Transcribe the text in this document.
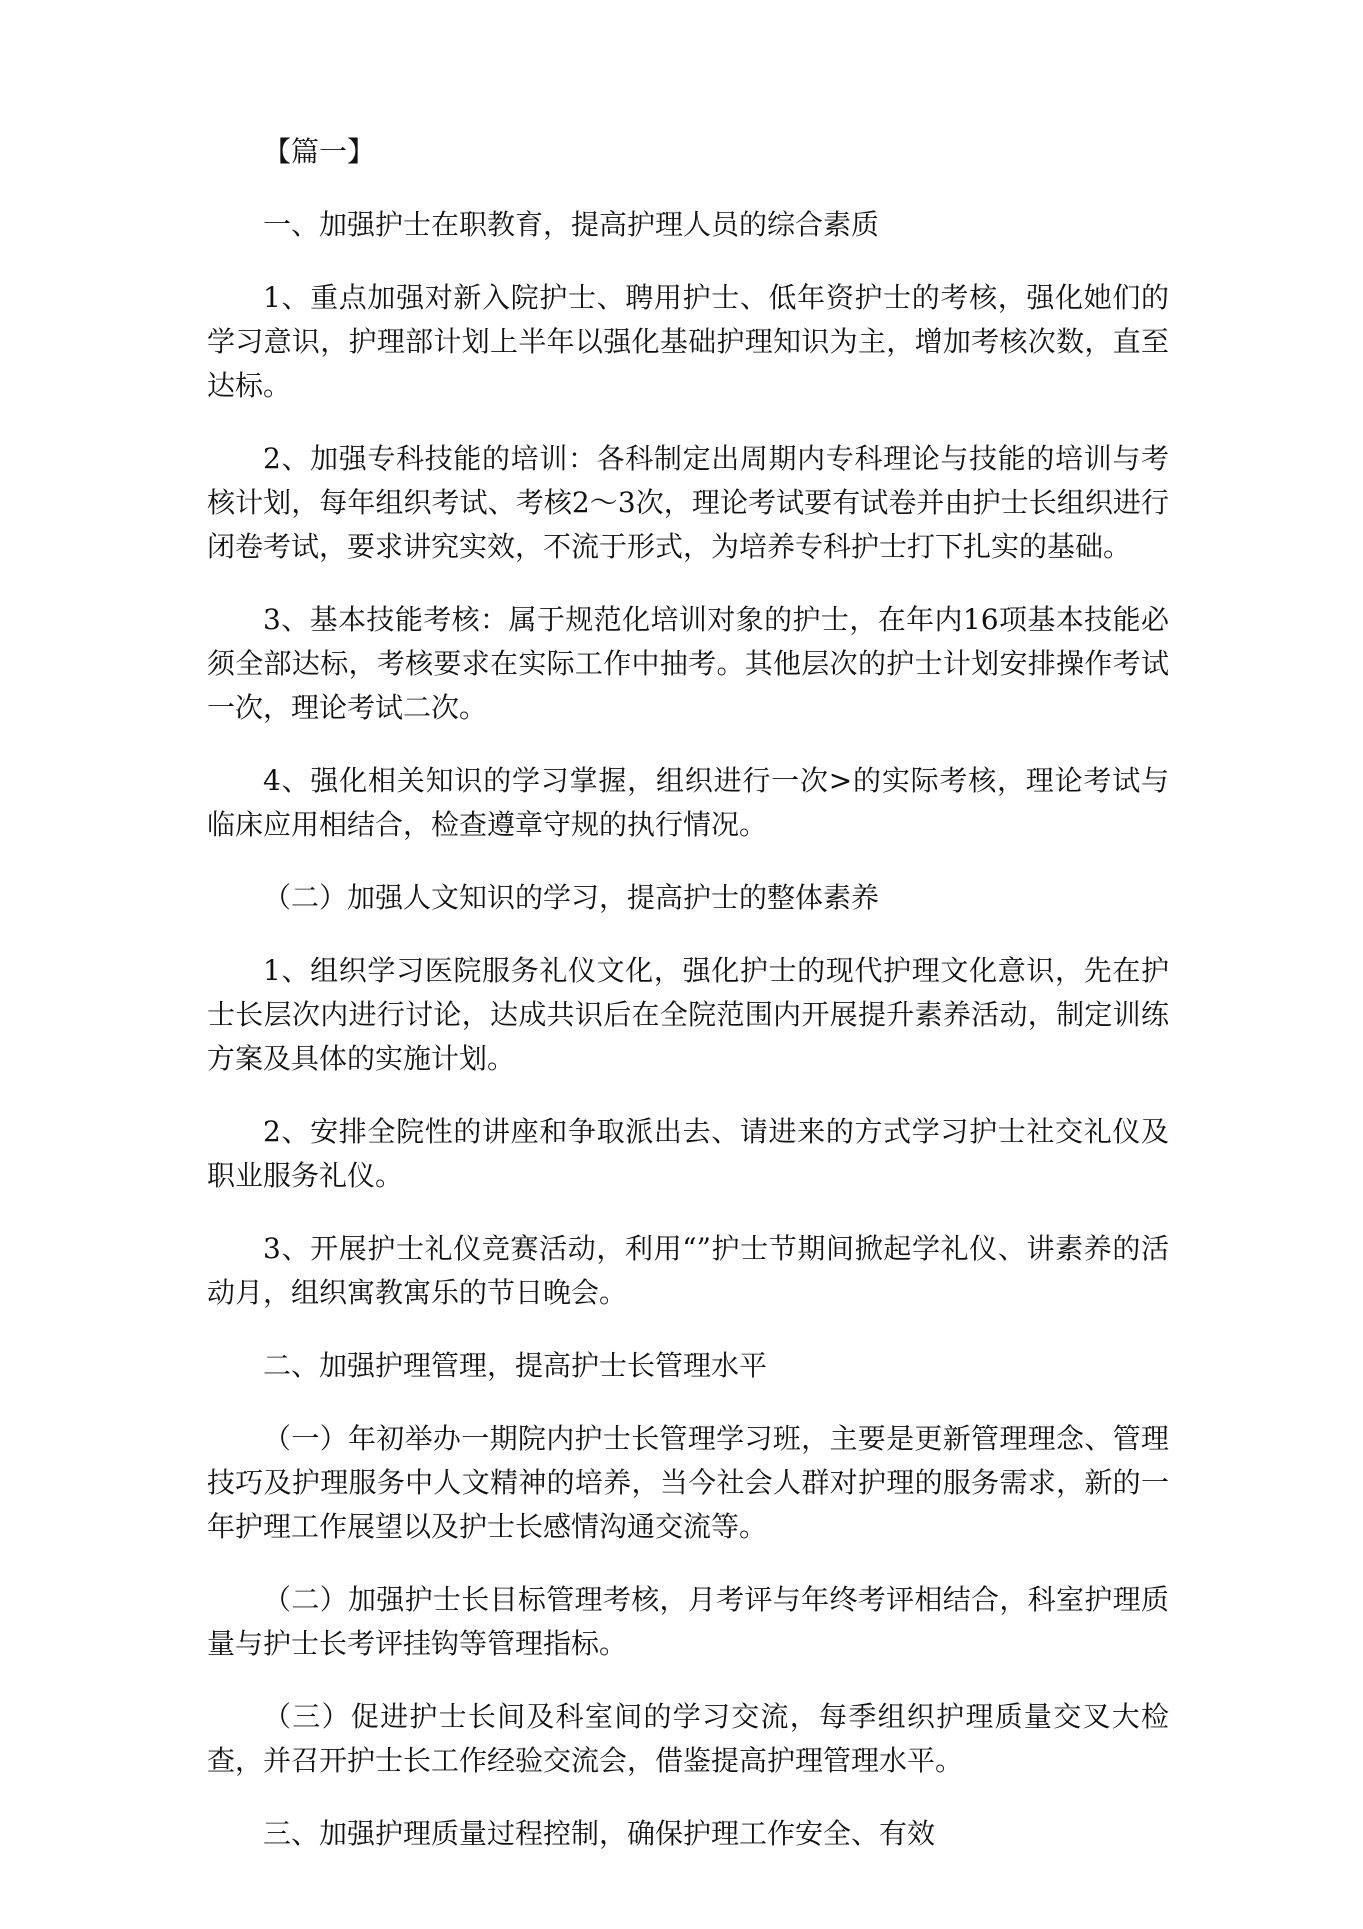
【篇一】

一、加强护士在职教育，提高护理人员的综合素质

1、重点加强对新入院护士、聘用护士、低年资护士的考核，强化她们的学习意识，护理部计划上半年以强化基础护理知识为主，增加考核次数，直至达标。

2、加强专科技能的培训：各科制定出周期内专科理论与技能的培训与考核计划，每年组织考试、考核2～3次，理论考试要有试卷并由护士长组织进行闭卷考试，要求讲究实效，不流于形式，为培养专科护士打下扎实的基础。

3、基本技能考核：属于规范化培训对象的护士，在年内16项基本技能必须全部达标，考核要求在实际工作中抽考。其他层次的护士计划安排操作考试一次，理论考试二次。

4、强化相关知识的学习掌握，组织进行一次>的实际考核，理论考试与临床应用相结合，检查遵章守规的执行情况。

（二）加强人文知识的学习，提高护士的整体素养

1、组织学习医院服务礼仪文化，强化护士的现代护理文化意识，先在护士长层次内进行讨论，达成共识后在全院范围内开展提升素养活动，制定训练方案及具体的实施计划。

2、安排全院性的讲座和争取派出去、请进来的方式学习护士社交礼仪及职业服务礼仪。

3、开展护士礼仪竞赛活动，利用“”护士节期间掀起学礼仪、讲素养的活动月，组织寓教寓乐的节日晚会。

二、加强护理管理，提高护士长管理水平

（一）年初举办一期院内护士长管理学习班，主要是更新管理理念、管理技巧及护理服务中人文精神的培养，当今社会人群对护理的服务需求，新的一年护理工作展望以及护士长感情沟通交流等。

（二）加强护士长目标管理考核，月考评与年终考评相结合，科室护理质量与护士长考评挂钩等管理指标。

（三）促进护士长间及科室间的学习交流，每季组织护理质量交叉大检查，并召开护士长工作经验交流会，借鉴提高护理管理水平。

三、加强护理质量过程控制，确保护理工作安全、有效
